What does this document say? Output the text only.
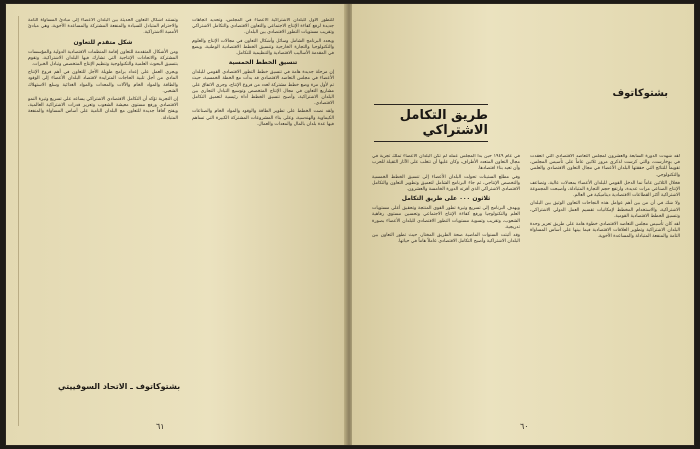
للتطور الأول للبلدان الاشتراكية الأعضاء في المجلس، وتحديد اتجاهات جديدة لرفع كفاءة الإنتاج الاجتماعي والتعاون الاقتصادي والتكامل الاشتراكي وتقريب مستويات التطور الاقتصادي بين البلدان.

ويحدد البرنامج الشامل وسائل وأشكال التعاون في مجالات الإنتاج والعلوم والتكنولوجيا والتجارة الخارجية وتنسيق الخطط الاقتصادية الوطنية، ويضع في المقدمة الأساليب الاقتصادية والتنظيمية للتكامل.

تنسيق الخطط الخمسية

إن مرحلة جديدة هامة في تنسيق خطط التطور الاقتصادي القومي للبلدان الأعضاء في مجلس التعاضد الاقتصادي قد بدأت مع الخطة الخمسية، حيث تم لأول مرة وضع خطط مشتركة لعدد من فروع الإنتاج، وجرى الاتفاق على مشاريع التعاون في مجال الإنتاج المتخصص وتوسيع التبادل التجاري بين البلدان الاشتراكية، وأصبح تنسيق الخطط أداة رئيسية لتعميق التكامل الاقتصادي.

ولقد نصت الخطط على تطوير الطاقة والوقود والمواد الخام والصناعات الكيماوية والهندسية، وعلى بناء المشروعات المشتركة الكبيرة التي تساهم فيها عدة بلدان بالمال والمعدات والعمال.

وتستند أشكال التعاون الحديثة بين البلدان الأعضاء إلى مبادئ المساواة التامة والاحترام المتبادل للسيادة والمنفعة المشتركة والمساعدة الأخوية، وهي مبادئ الأممية الاشتراكية.

شكل متقدم للتعاون

ومن الأشكال المتقدمة للتعاون إقامة المنظمات الاقتصادية الدولية والمؤسسات المشتركة والاتحادات الإنتاجية التي تشارك فيها البلدان الاشتراكية، وتقوم بتنسيق البحوث العلمية والتكنولوجية وتنظيم الإنتاج المتخصص وتبادل الخبرات.

ويجري العمل على إعداد برامج طويلة الأجل للتعاون في أهم فروع الإنتاج المادي من أجل تلبية الحاجات المتزايدة لاقتصاد البلدان الأعضاء إلى الوقود والطاقة والمواد الخام والآلات والمعدات والمواد الغذائية وسلع الاستهلاك الشعبي.

إن التجربة تؤكد أن التكامل الاقتصادي الاشتراكي يساعد على تسريع وتيرة النمو الاقتصادي ورفع مستوى معيشة الشعوب وتعزيز قدرات الاشتراكية العالمية، ويفتح آفاقاً جديدة للتعاون مع البلدان النامية على أساس المساواة والمنفعة المتبادلة.

بشتوكاتوف ـ الاتحاد السوفييتي
٦١
بشتوكاتوف
طريق التكامل الاشتراكي

لقد شهدت الدورة السابعة والعشرون لمجلس التعاضد الاقتصادي التي انعقدت في بوخارست، والتي كرست لذكرى مرور ثلاثين عاماً على تأسيس المجلس، تقويماً للنتائج التي حققتها البلدان الأعضاء في مجال التعاون الاقتصادي والعلمي والتكنولوجي.

فخلال الثلاثين عاماً نما الدخل القومي للبلدان الأعضاء بمعدلات عالية، وتضاعف الإنتاج الصناعي مرات عديدة، وارتفع حجم التجارة المتبادلة، وأصبحت المجموعة الاشتراكية أكثر القطاعات الاقتصادية ديناميكية في العالم.

ولا شك في أن من بين أهم عوامل هذه النجاحات التعاون الوثيق بين البلدان الاشتراكية، والاستخدام المخطط لإمكانيات تقسيم العمل الدولي الاشتراكي، وتنسيق الخطط الاقتصادية القومية.

لقد كان تأسيس مجلس التعاضد الاقتصادي خطوة هامة على طريق تعزيز وحدة البلدان الاشتراكية وتطوير العلاقات الاقتصادية فيما بينها على أساس المساواة التامة والمنفعة المتبادلة والمساعدة الأخوية.

في عام ١٩٤٩ حين بدأ المجلس عمله لم تكن البلدان الأعضاء تملك تجربة في مجال التعاون المتعدد الأطراف، وكان عليها أن تتغلب على الآثار الثقيلة للحرب وأن تعيد بناء اقتصادها.

وفي مطلع الستينات تحولت البلدان الأعضاء إلى تنسيق الخطط الخمسية والتخصص الإنتاجي، ثم جاء البرنامج الشامل لتعميق وتطوير التعاون والتكامل الاقتصادي الاشتراكي الذي أقرته الدورة الخامسة والعشرون.

ثلاثون ٠٠٠ على طريق التكامل

ويهدف البرنامج إلى تسريع وتيرة تطور القوى المنتجة وتحقيق أعلى مستويات العلم والتكنولوجيا ورفع كفاءة الإنتاج الاجتماعي وتحسين مستوى رفاهية الشعوب، وتقريب وتسوية مستويات التطور الاقتصادي للبلدان الأعضاء بصورة تدريجية.

وقد أثبتت السنوات الماضية صحة الطريق المختار، حيث تطور التعاون بين البلدان الاشتراكية وأصبح التكامل الاقتصادي عاملاً هاماً في حياتها.

٦٠
